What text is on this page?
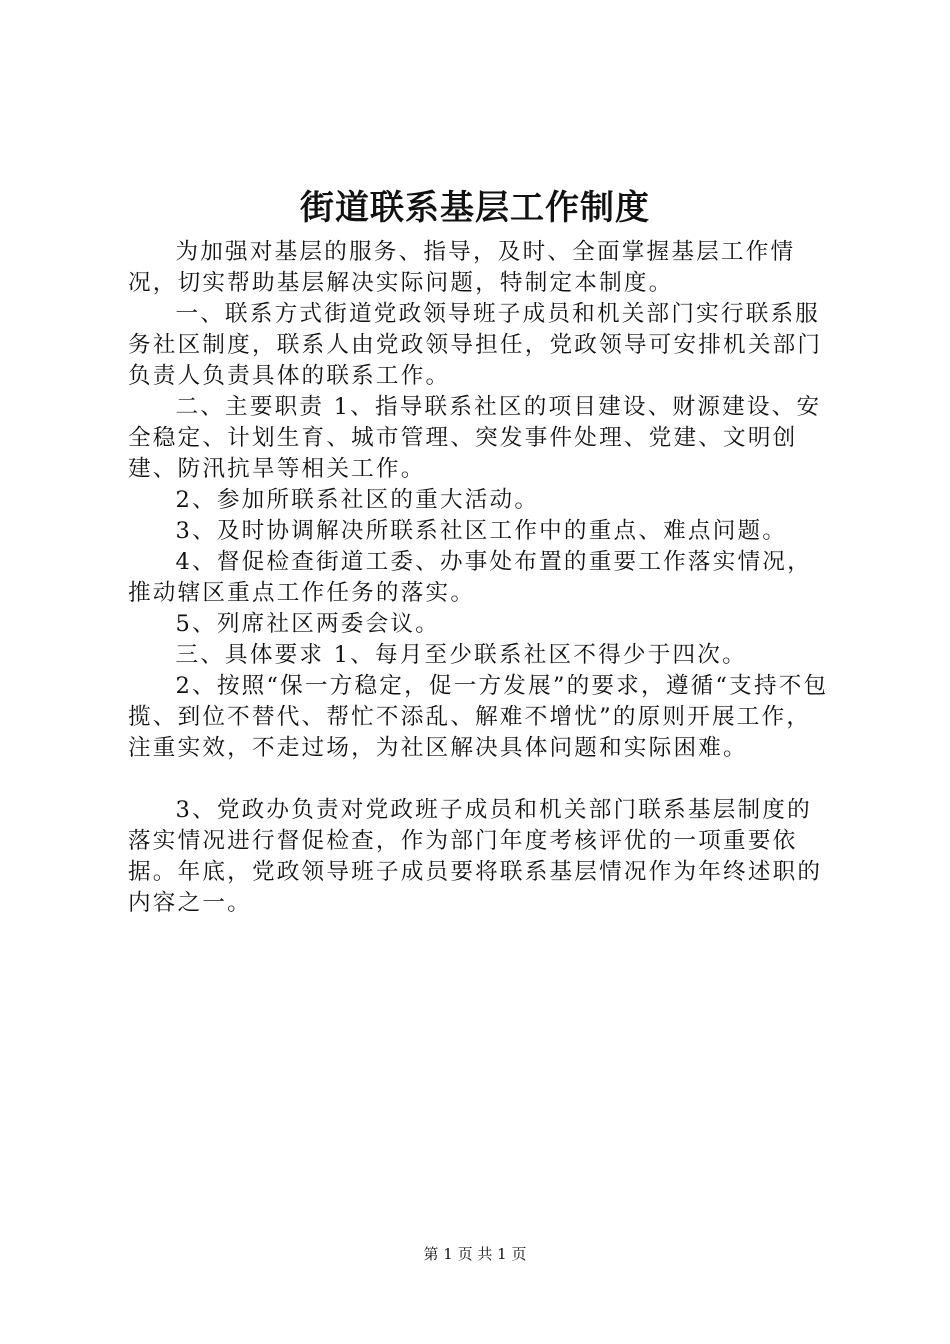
街道联系基层工作制度

为加强对基层的服务、指导，及时、全面掌握基层工作情况，切实帮助基层解决实际问题，特制定本制度。

一、联系方式街道党政领导班子成员和机关部门实行联系服务社区制度，联系人由党政领导担任，党政领导可安排机关部门负责人负责具体的联系工作。

二、主要职责 1、指导联系社区的项目建设、财源建设、安全稳定、计划生育、城市管理、突发事件处理、党建、文明创建、防汛抗旱等相关工作。

2、参加所联系社区的重大活动。

3、及时协调解决所联系社区工作中的重点、难点问题。

4、督促检查街道工委、办事处布置的重要工作落实情况，推动辖区重点工作任务的落实。

5、列席社区两委会议。

三、具体要求 1、每月至少联系社区不得少于四次。

2、按照“保一方稳定，促一方发展”的要求，遵循“支持不包揽、到位不替代、帮忙不添乱、解难不增忧”的原则开展工作，注重实效，不走过场，为社区解决具体问题和实际困难。

3、党政办负责对党政班子成员和机关部门联系基层制度的落实情况进行督促检查，作为部门年度考核评优的一项重要依据。年底，党政领导班子成员要将联系基层情况作为年终述职的内容之一。

第 1 页 共 1 页
